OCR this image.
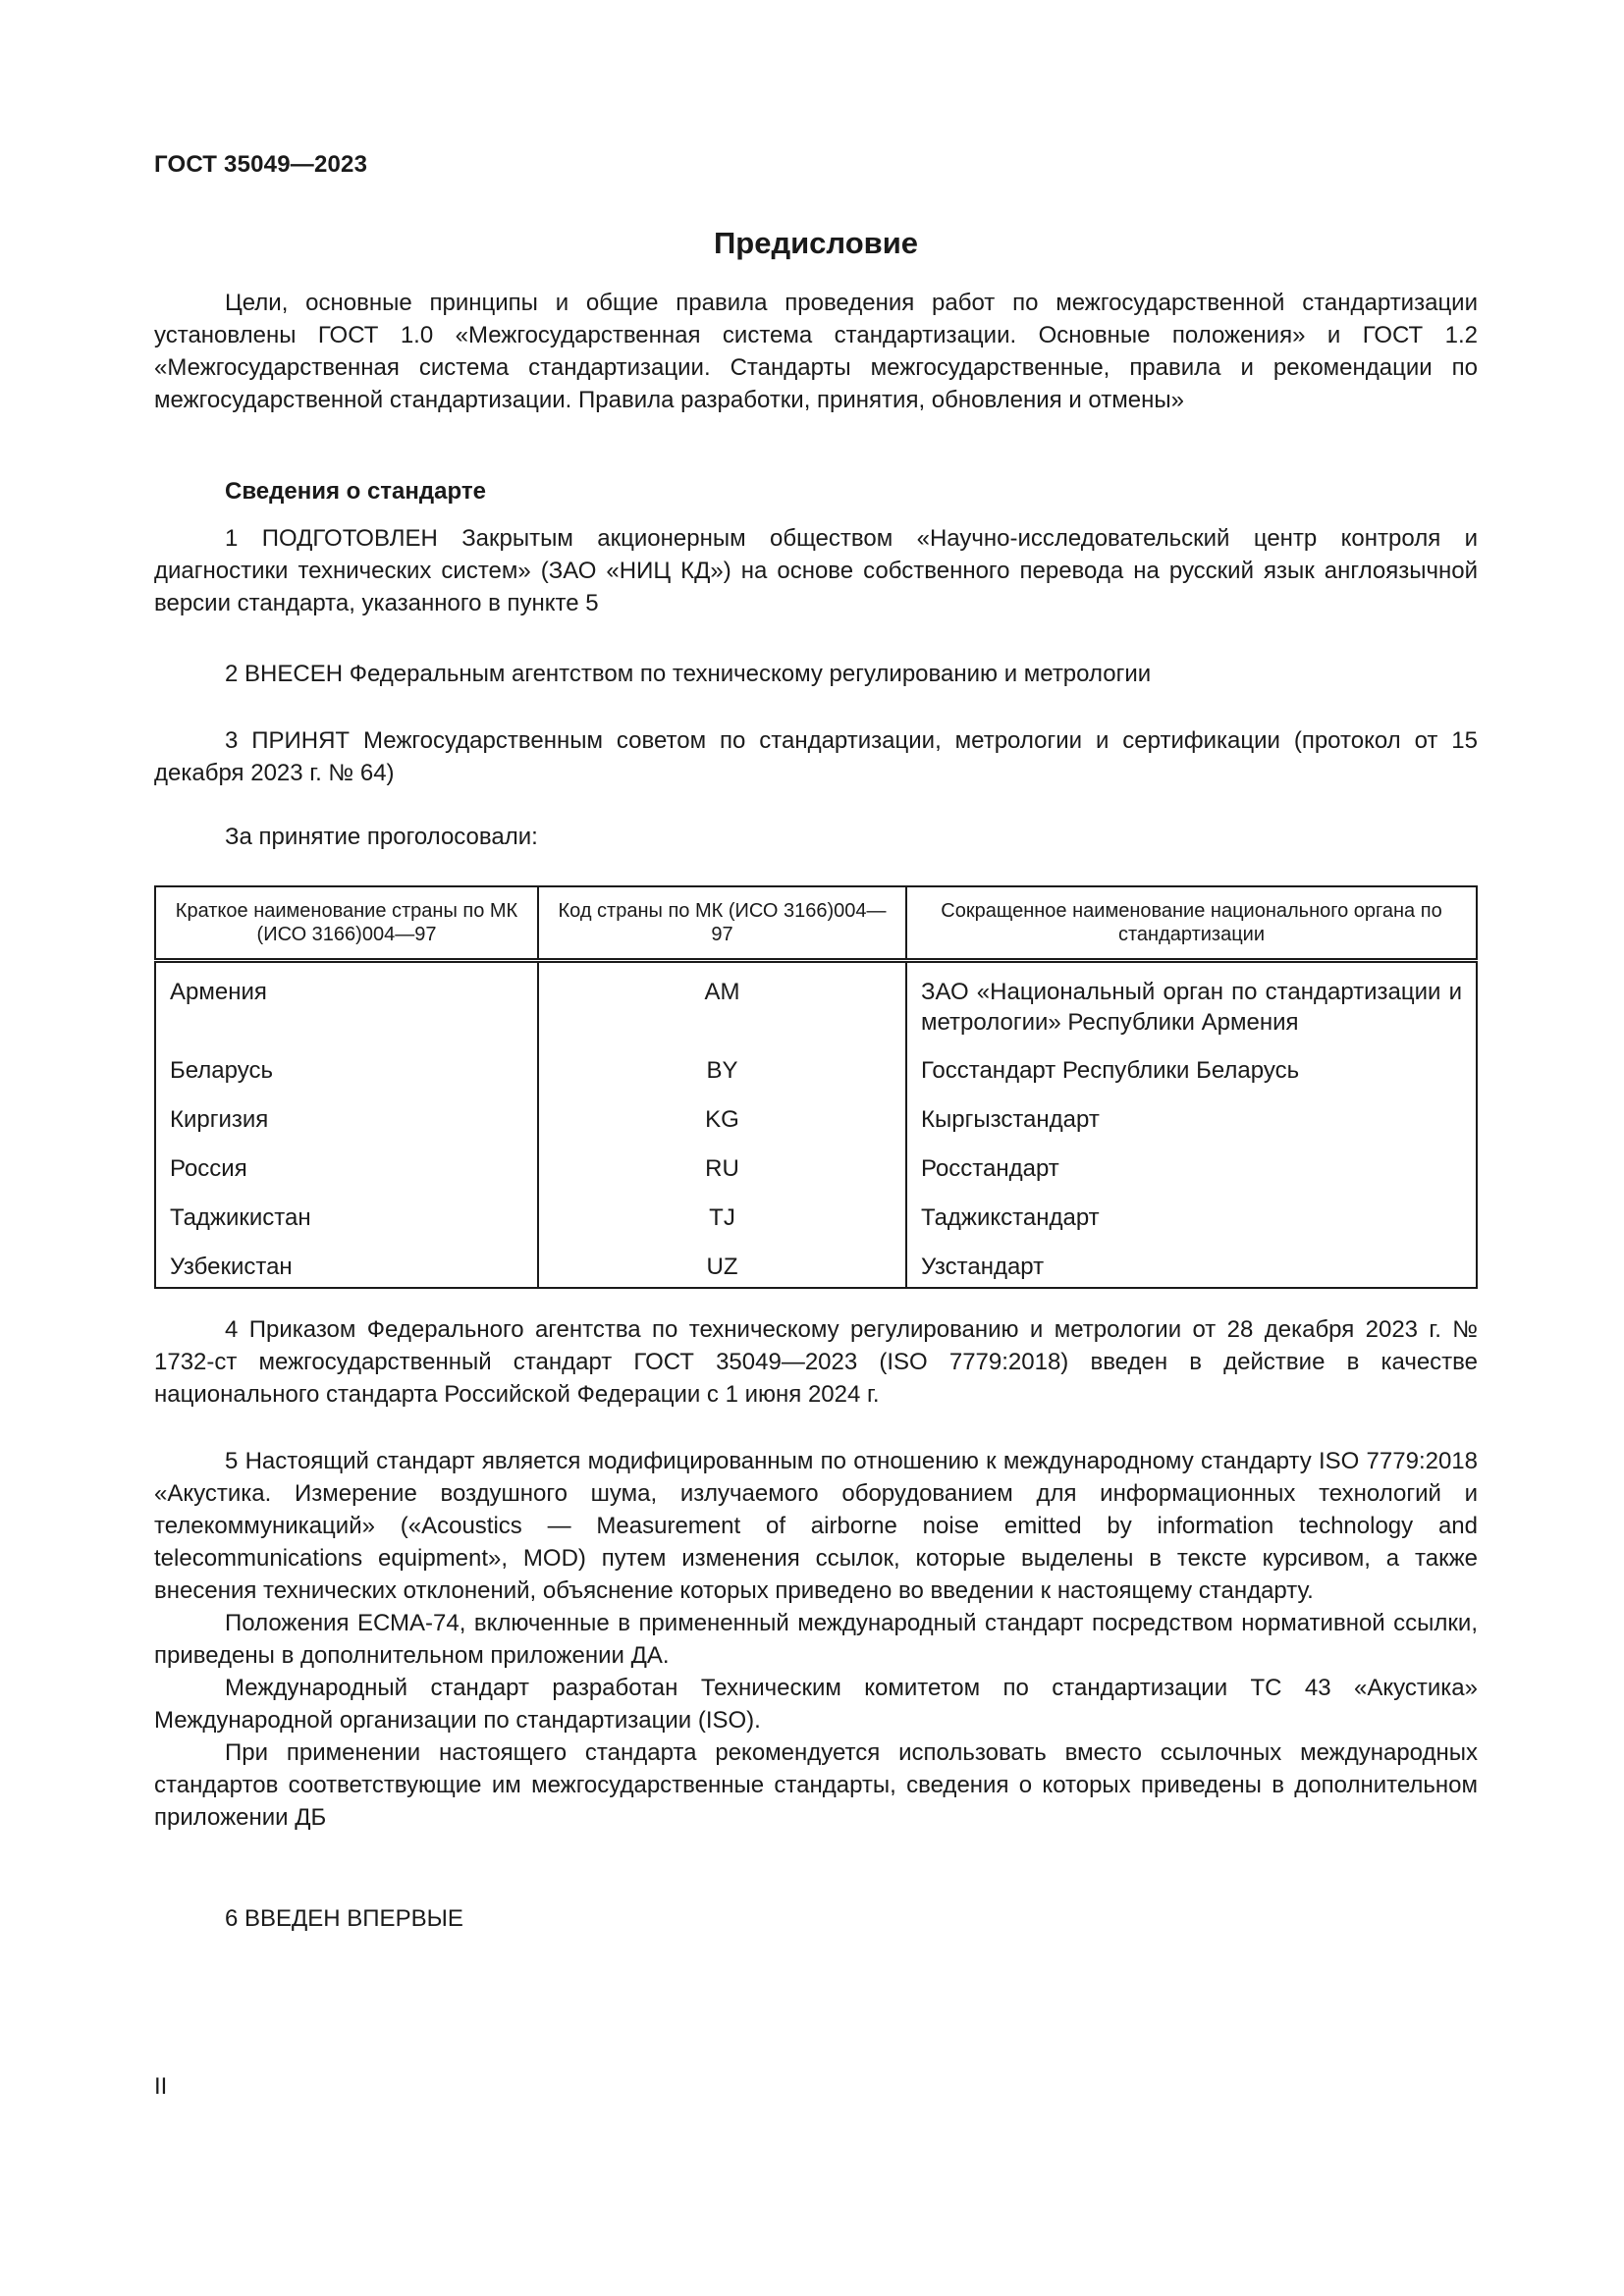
ГОСТ 35049—2023
Предисловие

Цели, основные принципы и общие правила проведения работ по межгосударственной стандартизации установлены ГОСТ 1.0 «Межгосударственная система стандартизации. Основные положения» и ГОСТ 1.2 «Межгосударственная система стандартизации. Стандарты межгосударственные, правила и рекомендации по межгосударственной стандартизации. Правила разработки, принятия, обновления и отмены»

Сведения о стандарте

1 ПОДГОТОВЛЕН Закрытым акционерным обществом «Научно-исследовательский центр контроля и диагностики технических систем» (ЗАО «НИЦ КД») на основе собственного перевода на русский язык англоязычной версии стандарта, указанного в пункте 5

2 ВНЕСЕН Федеральным агентством по техническому регулированию и метрологии

3 ПРИНЯТ Межгосударственным советом по стандартизации, метрологии и сертификации (протокол от 15 декабря 2023 г. № 64)

За принятие проголосовали:

Краткое наименование страны по МК (ИСО 3166)004—97	Код страны по МК (ИСО 3166)004—97	Сокращенное наименование национального органа по стандартизации
Армения	AM	ЗАО «Национальный орган по стандартизации и метрологии» Республики Армения
Беларусь	BY	Госстандарт Республики Беларусь
Киргизия	KG	Кыргызстандарт
Россия	RU	Росстандарт
Таджикистан	TJ	Таджикстандарт
Узбекистан	UZ	Узстандарт

4 Приказом Федерального агентства по техническому регулированию и метрологии от 28 декабря 2023 г. № 1732-ст межгосударственный стандарт ГОСТ 35049—2023 (ISO 7779:2018) введен в действие в качестве национального стандарта Российской Федерации с 1 июня 2024 г.

5 Настоящий стандарт является модифицированным по отношению к международному стандарту ISO 7779:2018 «Акустика. Измерение воздушного шума, излучаемого оборудованием для информационных технологий и телекоммуникаций» («Acoustics — Measurement of airborne noise emitted by information technology and telecommunications equipment», MOD) путем изменения ссылок, которые выделены в тексте курсивом, а также внесения технических отклонений, объяснение которых приведено во введении к настоящему стандарту.

Положения ЕСМА-74, включенные в примененный международный стандарт посредством нормативной ссылки, приведены в дополнительном приложении ДА.

Международный стандарт разработан Техническим комитетом по стандартизации ТС 43 «Акустика» Международной организации по стандартизации (ISO).

При применении настоящего стандарта рекомендуется использовать вместо ссылочных международных стандартов соответствующие им межгосударственные стандарты, сведения о которых приведены в дополнительном приложении ДБ

6 ВВЕДЕН ВПЕРВЫЕ

II
